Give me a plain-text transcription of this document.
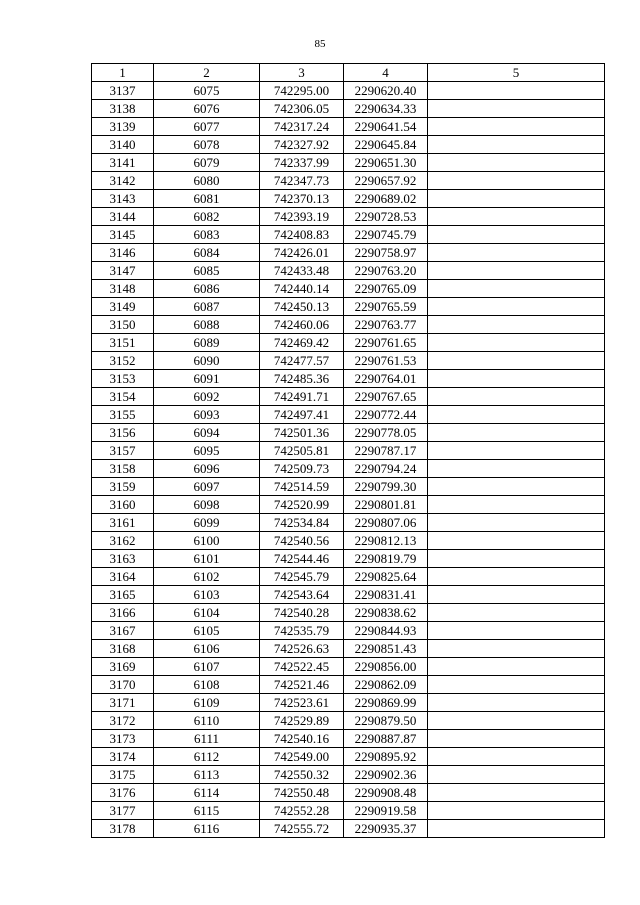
85
1	2	3	4	5
3137	6075	742295.00	2290620.40	
3138	6076	742306.05	2290634.33	
3139	6077	742317.24	2290641.54	
3140	6078	742327.92	2290645.84	
3141	6079	742337.99	2290651.30	
3142	6080	742347.73	2290657.92	
3143	6081	742370.13	2290689.02	
3144	6082	742393.19	2290728.53	
3145	6083	742408.83	2290745.79	
3146	6084	742426.01	2290758.97	
3147	6085	742433.48	2290763.20	
3148	6086	742440.14	2290765.09	
3149	6087	742450.13	2290765.59	
3150	6088	742460.06	2290763.77	
3151	6089	742469.42	2290761.65	
3152	6090	742477.57	2290761.53	
3153	6091	742485.36	2290764.01	
3154	6092	742491.71	2290767.65	
3155	6093	742497.41	2290772.44	
3156	6094	742501.36	2290778.05	
3157	6095	742505.81	2290787.17	
3158	6096	742509.73	2290794.24	
3159	6097	742514.59	2290799.30	
3160	6098	742520.99	2290801.81	
3161	6099	742534.84	2290807.06	
3162	6100	742540.56	2290812.13	
3163	6101	742544.46	2290819.79	
3164	6102	742545.79	2290825.64	
3165	6103	742543.64	2290831.41	
3166	6104	742540.28	2290838.62	
3167	6105	742535.79	2290844.93	
3168	6106	742526.63	2290851.43	
3169	6107	742522.45	2290856.00	
3170	6108	742521.46	2290862.09	
3171	6109	742523.61	2290869.99	
3172	6110	742529.89	2290879.50	
3173	6111	742540.16	2290887.87	
3174	6112	742549.00	2290895.92	
3175	6113	742550.32	2290902.36	
3176	6114	742550.48	2290908.48	
3177	6115	742552.28	2290919.58	
3178	6116	742555.72	2290935.37	
